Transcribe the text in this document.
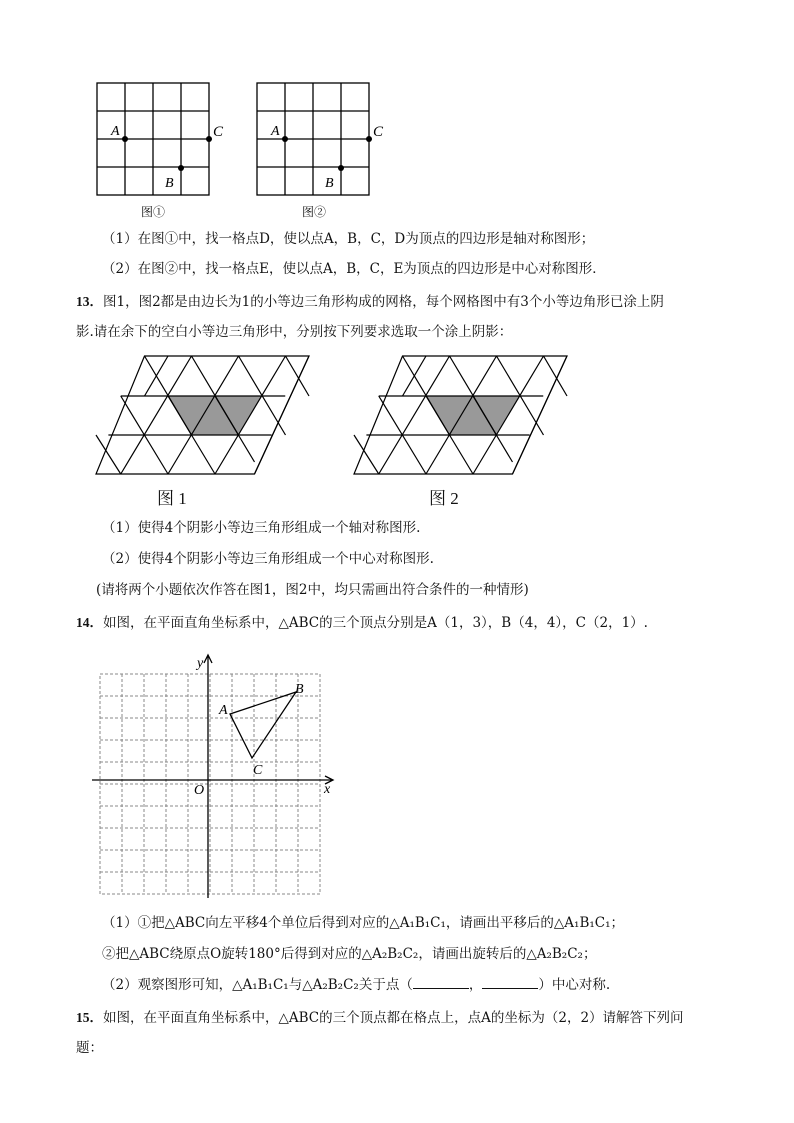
A	C
B
图①
A	C
B
图②
（1）在图①中，找一格点D，使以点A，B，C，D为顶点的四边形是轴对称图形；
（2）在图②中，找一格点E，使以点A，B，C，E为顶点的四边形是中心对称图形．
13．图1，图2都是由边长为1的小等边三角形构成的网格，每个网格图中有3个小等边角形已涂上阴
影.请在余下的空白小等边三角形中，分别按下列要求选取一个涂上阴影：
图 1	图 2
（1）使得4个阴影小等边三角形组成一个轴对称图形.
（2）使得4个阴影小等边三角形组成一个中心对称图形.
(请将两个小题依次作答在图1，图2中，均只需画出符合条件的一种情形)
14．如图，在平面直角坐标系中，△ABC的三个顶点分别是A（1，3），B（4，4），C（2，1）.
y
x
O
A
B
C
（1）①把△ABC向左平移4个单位后得到对应的△A₁B₁C₁，请画出平移后的△A₁B₁C₁；
②把△ABC绕原点O旋转180°后得到对应的△A₂B₂C₂，请画出旋转后的△A₂B₂C₂；
（2）观察图形可知，△A₁B₁C₁与△A₂B₂C₂关于点（	，	）中心对称.
15．如图，在平面直角坐标系中，△ABC的三个顶点都在格点上，点A的坐标为（2，2）请解答下列问
题：
